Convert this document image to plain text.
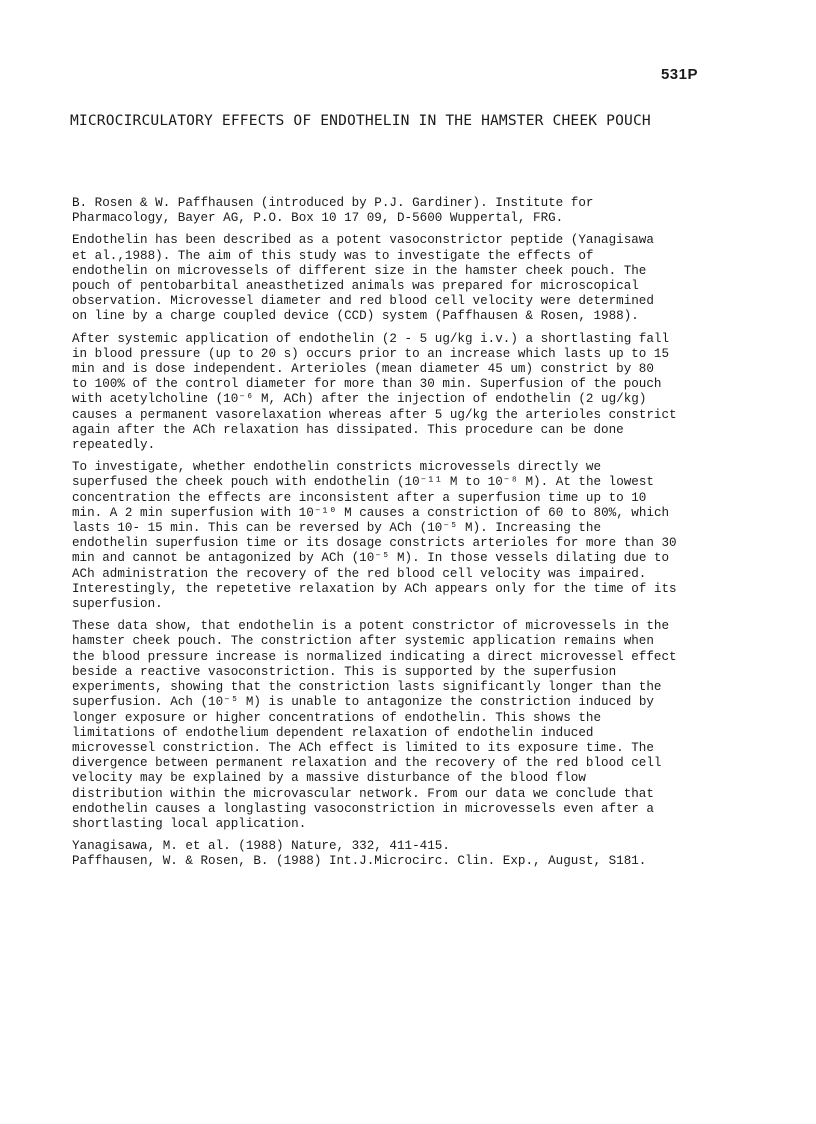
531P
MICROCIRCULATORY EFFECTS OF ENDOTHELIN IN THE HAMSTER CHEEK POUCH

B. Rosen & W. Paffhausen (introduced by P.J. Gardiner). Institute for
Pharmacology, Bayer AG, P.O. Box 10 17 09, D-5600 Wuppertal, FRG.

Endothelin has been described as a potent vasoconstrictor peptide (Yanagisawa
et al.,1988). The aim of this study was to investigate the effects of
endothelin on microvessels of different size in the hamster cheek pouch. The
pouch of pentobarbital aneasthetized animals was prepared for microscopical
observation. Microvessel diameter and red blood cell velocity were determined
on line by a charge coupled device (CCD) system (Paffhausen & Rosen, 1988).

After systemic application of endothelin (2 - 5 ug/kg i.v.) a shortlasting fall
in blood pressure (up to 20 s) occurs prior to an increase which lasts up to 15
min and is dose independent. Arterioles (mean diameter 45 um) constrict by 80
to 100% of the control diameter for more than 30 min. Superfusion of the pouch
with acetylcholine (10⁻⁶ M, ACh) after the injection of endothelin (2 ug/kg)
causes a permanent vasorelaxation whereas after 5 ug/kg the arterioles constrict
again after the ACh relaxation has dissipated. This procedure can be done
repeatedly.

To investigate, whether endothelin constricts microvessels directly we
superfused the cheek pouch with endothelin (10⁻¹¹ M to 10⁻⁸ M). At the lowest
concentration the effects are inconsistent after a superfusion time up to 10
min. A 2 min superfusion with 10⁻¹⁰ M causes a constriction of 60 to 80%, which
lasts 10- 15 min. This can be reversed by ACh (10⁻⁵ M). Increasing the
endothelin superfusion time or its dosage constricts arterioles for more than 30
min and cannot be antagonized by ACh (10⁻⁵ M). In those vessels dilating due to
ACh administration the recovery of the red blood cell velocity was impaired.
Interestingly, the repetetive relaxation by ACh appears only for the time of its
superfusion.

These data show, that endothelin is a potent constrictor of microvessels in the
hamster cheek pouch. The constriction after systemic application remains when
the blood pressure increase is normalized indicating a direct microvessel effect
beside a reactive vasoconstriction. This is supported by the superfusion
experiments, showing that the constriction lasts significantly longer than the
superfusion. Ach (10⁻⁵ M) is unable to antagonize the constriction induced by
longer exposure or higher concentrations of endothelin. This shows the
limitations of endothelium dependent relaxation of endothelin induced
microvessel constriction. The ACh effect is limited to its exposure time. The
divergence between permanent relaxation and the recovery of the red blood cell
velocity may be explained by a massive disturbance of the blood flow
distribution within the microvascular network. From our data we conclude that
endothelin causes a longlasting vasoconstriction in microvessels even after a
shortlasting local application.

Yanagisawa, M. et al. (1988) Nature, 332, 411-415.

Paffhausen, W. & Rosen, B. (1988) Int.J.Microcirc. Clin. Exp., August, S181.
